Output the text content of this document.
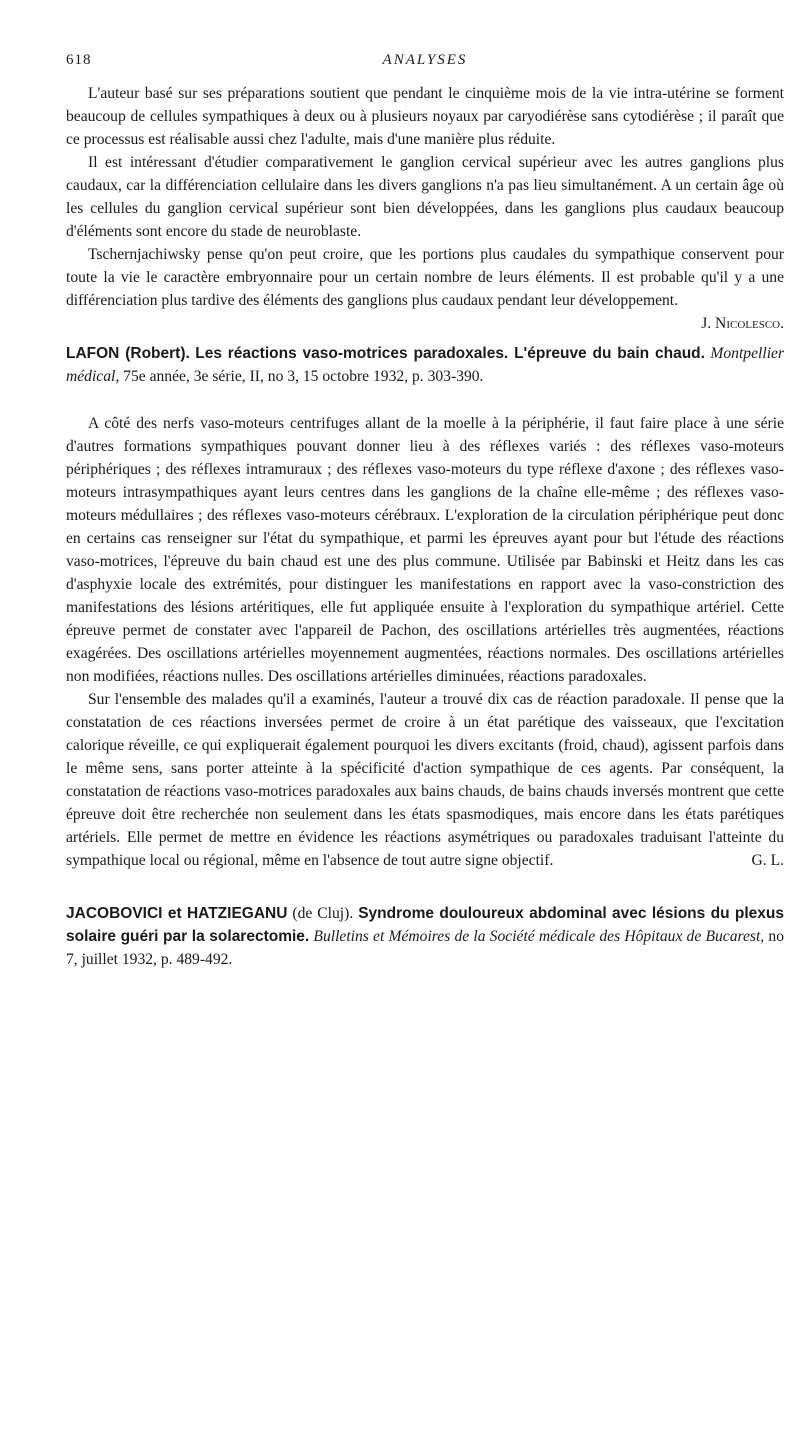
618	ANALYSES

L'auteur basé sur ses préparations soutient que pendant le cinquième mois de la vie intra-utérine se forment beaucoup de cellules sympathiques à deux ou à plusieurs noyaux par caryodiérèse sans cytodiérèse ; il paraît que ce processus est réalisable aussi chez l'adulte, mais d'une manière plus réduite.

Il est intéressant d'étudier comparativement le ganglion cervical supérieur avec les autres ganglions plus caudaux, car la différenciation cellulaire dans les divers ganglions n'a pas lieu simultanément. A un certain âge où les cellules du ganglion cervical supérieur sont bien développées, dans les ganglions plus caudaux beaucoup d'éléments sont encore du stade de neuroblaste.

Tschernjachiwsky pense qu'on peut croire, que les portions plus caudales du sympathique conservent pour toute la vie le caractère embryonnaire pour un certain nombre de leurs éléments. Il est probable qu'il y a une différenciation plus tardive des éléments des ganglions plus caudaux pendant leur développement.
J. Nicolesco.

LAFON (Robert). Les réactions vaso-motrices paradoxales. L'épreuve du bain chaud. Montpellier médical, 75e année, 3e série, II, no 3, 15 octobre 1932, p. 303-390.

A côté des nerfs vaso-moteurs centrifuges allant de la moelle à la périphérie, il faut faire place à une série d'autres formations sympathiques pouvant donner lieu à des réflexes variés : des réflexes vaso-moteurs périphériques ; des réflexes intramuraux ; des réflexes vaso-moteurs du type réflexe d'axone ; des réflexes vaso-moteurs intrasympathiques ayant leurs centres dans les ganglions de la chaîne elle-même ; des réflexes vaso-moteurs médullaires ; des réflexes vaso-moteurs cérébraux. L'exploration de la circulation périphérique peut donc en certains cas renseigner sur l'état du sympathique, et parmi les épreuves ayant pour but l'étude des réactions vaso-motrices, l'épreuve du bain chaud est une des plus commune. Utilisée par Babinski et Heitz dans les cas d'asphyxie locale des extrémités, pour distinguer les manifestations en rapport avec la vaso-constriction des manifestations des lésions artéritiques, elle fut appliquée ensuite à l'exploration du sympathique artériel. Cette épreuve permet de constater avec l'appareil de Pachon, des oscillations artérielles très augmentées, réactions exagérées. Des oscillations artérielles moyennement augmentées, réactions normales. Des oscillations artérielles non modifiées, réactions nulles. Des oscillations artérielles diminuées, réactions paradoxales.

Sur l'ensemble des malades qu'il a examinés, l'auteur a trouvé dix cas de réaction paradoxale. Il pense que la constatation de ces réactions inversées permet de croire à un état parétique des vaisseaux, que l'excitation calorique réveille, ce qui expliquerait également pourquoi les divers excitants (froid, chaud), agissent parfois dans le même sens, sans porter atteinte à la spécificité d'action sympathique de ces agents. Par conséquent, la constatation de réactions vaso-motrices paradoxales aux bains chauds, de bains chauds inversés montrent que cette épreuve doit être recherchée non seulement dans les états spasmodiques, mais encore dans les états parétiques artériels. Elle permet de mettre en évidence les réactions asymétriques ou paradoxales traduisant l'atteinte du sympathique local ou régional, même en l'absence de tout autre signe objectif.	G. L.

JACOBOVICI et HATZIEGANU (de Cluj). Syndrome douloureux abdominal avec lésions du plexus solaire guéri par la solarectomie. Bulletins et Mémoires de la Société médicale des Hôpitaux de Bucarest, no 7, juillet 1932, p. 489-492.
